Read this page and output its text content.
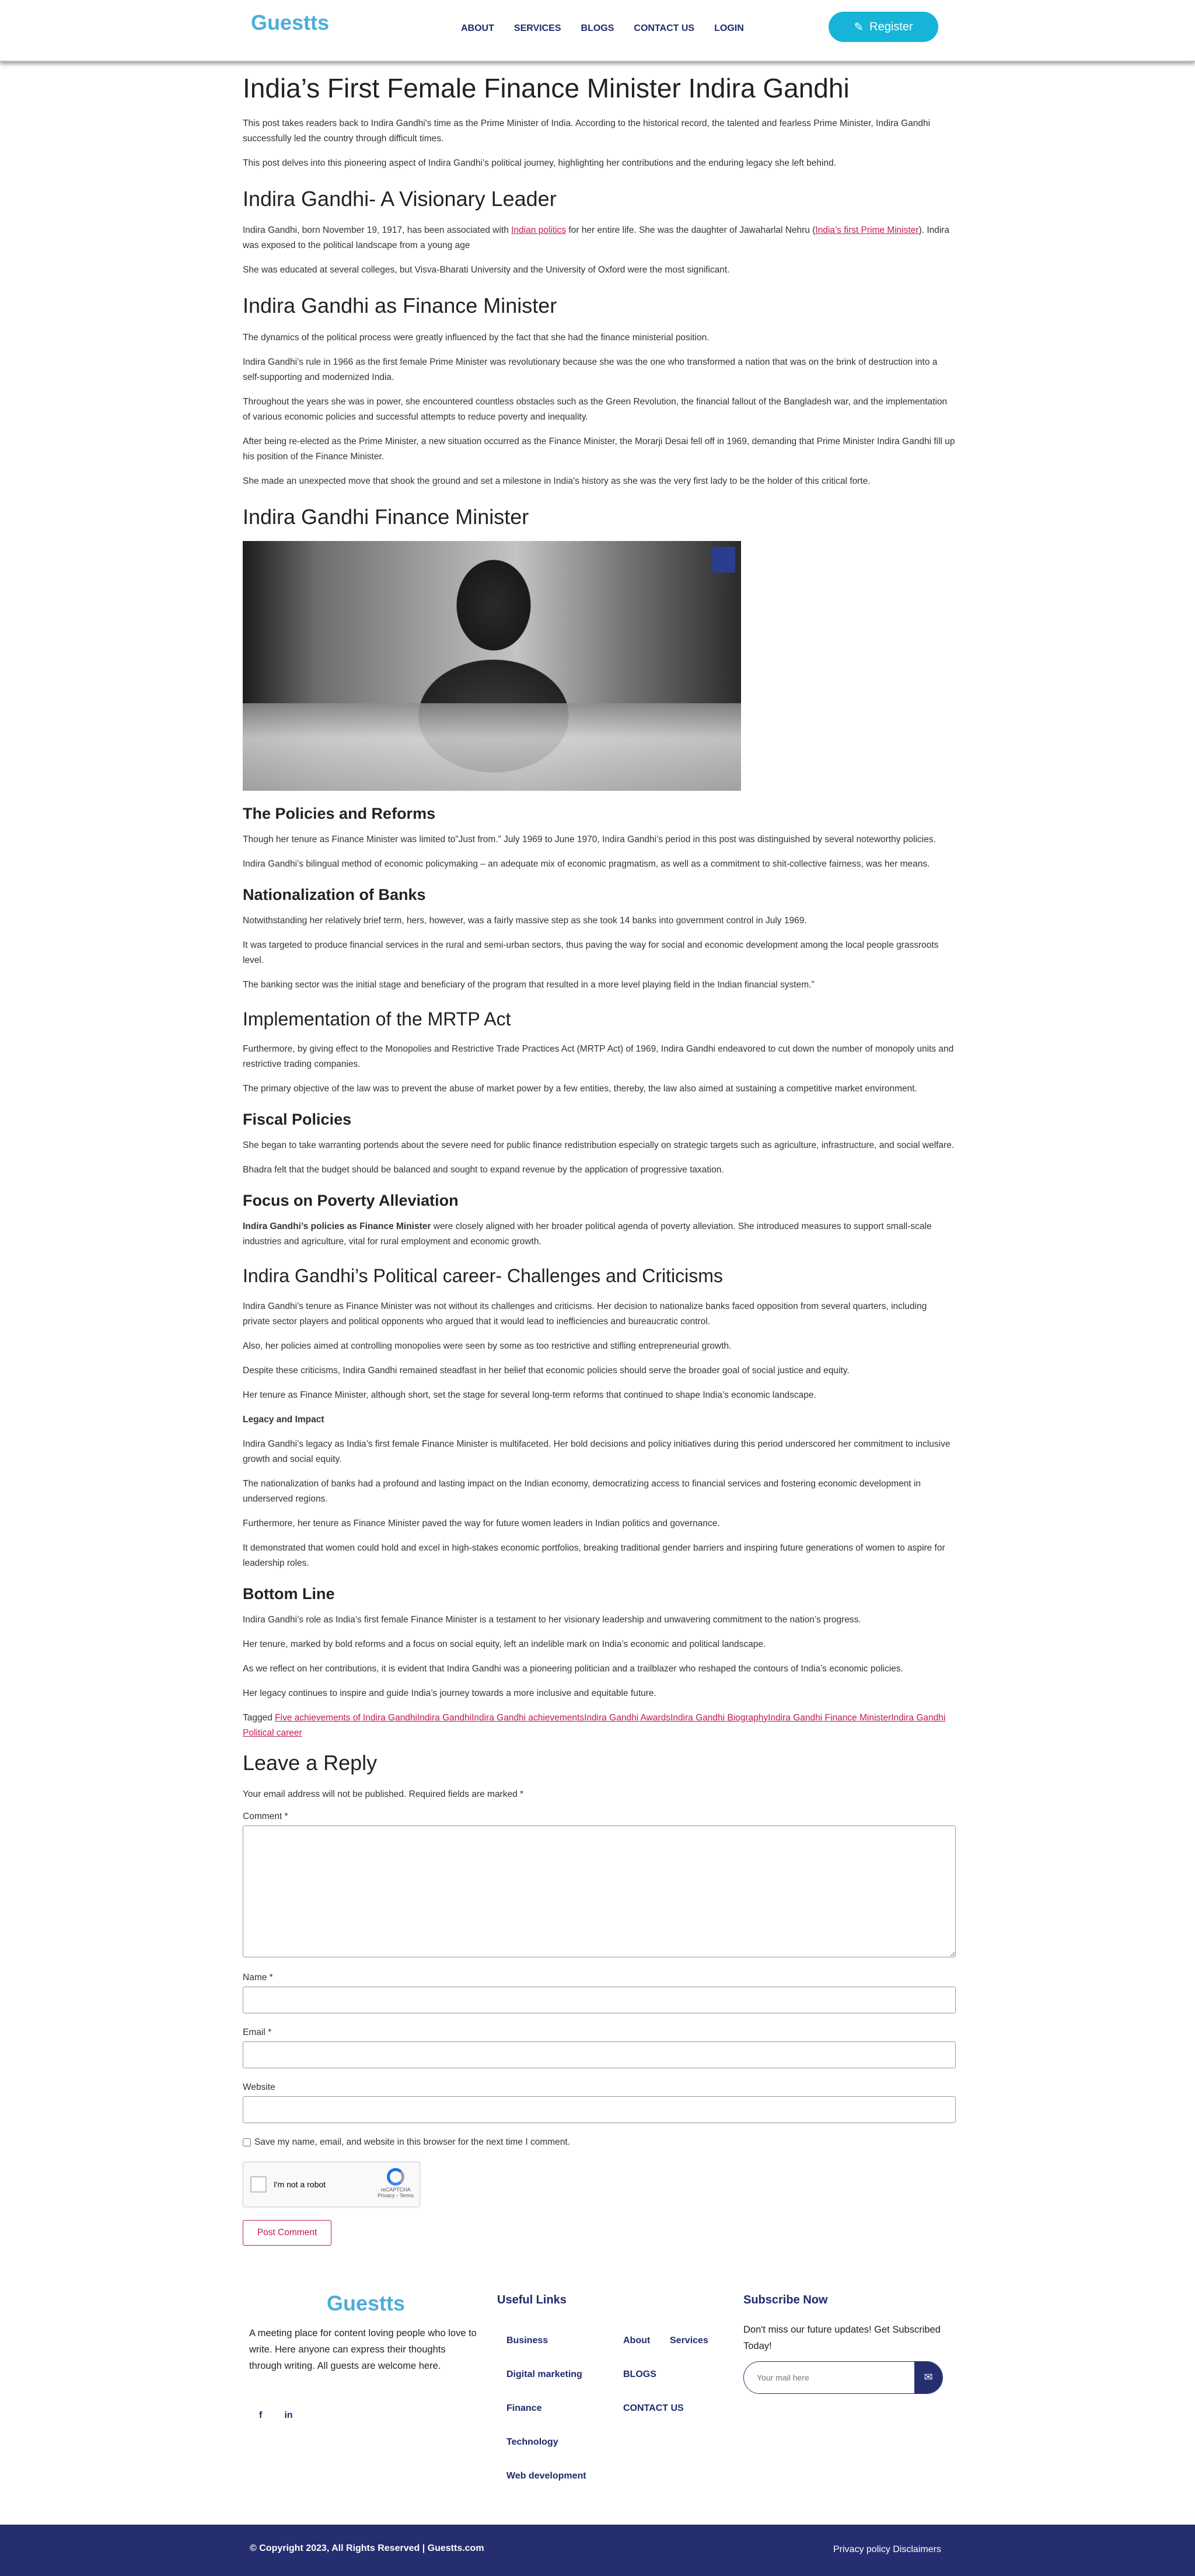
Guestts	ABOUT SERVICES BLOGS CONTACT US LOGIN	✎ Register
India’s First Female Finance Minister Indira Gandhi

This post takes readers back to Indira Gandhi's time as the Prime Minister of India. According to the historical record, the talented and fearless Prime Minister, Indira Gandhi successfully led the country through difficult times.

This post delves into this pioneering aspect of Indira Gandhi’s political journey, highlighting her contributions and the enduring legacy she left behind.

Indira Gandhi- A Visionary Leader

Indira Gandhi, born November 19, 1917, has been associated with Indian politics for her entire life. She was the daughter of Jawaharlal Nehru (India’s first Prime Minister). Indira was exposed to the political landscape from a young age

She was educated at several colleges, but Visva-Bharati University and the University of Oxford were the most significant.

Indira Gandhi as Finance Minister

The dynamics of the political process were greatly influenced by the fact that she had the finance ministerial position.

Indira Gandhi’s rule in 1966 as the first female Prime Minister was revolutionary because she was the one who transformed a nation that was on the brink of destruction into a self-supporting and modernized India.

Throughout the years she was in power, she encountered countless obstacles such as the Green Revolution, the financial fallout of the Bangladesh war, and the implementation of various economic policies and successful attempts to reduce poverty and inequality.

After being re-elected as the Prime Minister, a new situation occurred as the Finance Minister, the Morarji Desai fell off in 1969, demanding that Prime Minister Indira Gandhi fill up his position of the Finance Minister.

She made an unexpected move that shook the ground and set a milestone in India's history as she was the very first lady to be the holder of this critical forte.

Indira Gandhi Finance Minister
The Policies and Reforms

Though her tenure as Finance Minister was limited to”Just from.” July 1969 to June 1970, Indira Gandhi’s period in this post was distinguished by several noteworthy policies.

Indira Gandhi’s bilingual method of economic policymaking – an adequate mix of economic pragmatism, as well as a commitment to shit-collective fairness, was her means.

Nationalization of Banks

Notwithstanding her relatively brief term, hers, however, was a fairly massive step as she took 14 banks into government control in July 1969.

It was targeted to produce financial services in the rural and semi-urban sectors, thus paving the way for social and economic development among the local people grassroots level.

The banking sector was the initial stage and beneficiary of the program that resulted in a more level playing field in the Indian financial system.”

Implementation of the MRTP Act

Furthermore, by giving effect to the Monopolies and Restrictive Trade Practices Act (MRTP Act) of 1969, Indira Gandhi endeavored to cut down the number of monopoly units and restrictive trading companies.

The primary objective of the law was to prevent the abuse of market power by a few entities, thereby, the law also aimed at sustaining a competitive market environment.

Fiscal Policies

She began to take warranting portends about the severe need for public finance redistribution especially on strategic targets such as agriculture, infrastructure, and social welfare.

Bhadra felt that the budget should be balanced and sought to expand revenue by the application of progressive taxation.

Focus on Poverty Alleviation

Indira Gandhi’s policies as Finance Minister were closely aligned with her broader political agenda of poverty alleviation. She introduced measures to support small-scale industries and agriculture, vital for rural employment and economic growth.

Indira Gandhi’s Political career- Challenges and Criticisms

Indira Gandhi’s tenure as Finance Minister was not without its challenges and criticisms. Her decision to nationalize banks faced opposition from several quarters, including private sector players and political opponents who argued that it would lead to inefficiencies and bureaucratic control.

Also, her policies aimed at controlling monopolies were seen by some as too restrictive and stifling entrepreneurial growth.

Despite these criticisms, Indira Gandhi remained steadfast in her belief that economic policies should serve the broader goal of social justice and equity.

Her tenure as Finance Minister, although short, set the stage for several long-term reforms that continued to shape India’s economic landscape.

Legacy and Impact

Indira Gandhi’s legacy as India’s first female Finance Minister is multifaceted. Her bold decisions and policy initiatives during this period underscored her commitment to inclusive growth and social equity.

The nationalization of banks had a profound and lasting impact on the Indian economy, democratizing access to financial services and fostering economic development in underserved regions.

Furthermore, her tenure as Finance Minister paved the way for future women leaders in Indian politics and governance.

It demonstrated that women could hold and excel in high-stakes economic portfolios, breaking traditional gender barriers and inspiring future generations of women to aspire for leadership roles.

Bottom Line

Indira Gandhi’s role as India’s first female Finance Minister is a testament to her visionary leadership and unwavering commitment to the nation’s progress.

Her tenure, marked by bold reforms and a focus on social equity, left an indelible mark on India’s economic and political landscape.

As we reflect on her contributions, it is evident that Indira Gandhi was a pioneering politician and a trailblazer who reshaped the contours of India’s economic policies.

Her legacy continues to inspire and guide India’s journey towards a more inclusive and equitable future.

Tagged Five achievements of Indira GandhiIndira GandhiIndira Gandhi achievementsIndira Gandhi AwardsIndira Gandhi BiographyIndira Gandhi Finance MinisterIndira Gandhi Political career
Leave a Reply

Your email address will not be published. Required fields are marked *

Comment *
Name *
Email *
Website
Save my name, email, and website in this browser for the next time I comment.
I'm not a robot
reCAPTCHA
Privacy - Terms
Post Comment
Guestts
A meeting place for content loving people who love to write. Here anyone can express their thoughts through writing. All guests are welcome here.
f in
Useful Links
Business
Digital marketing
Finance
Technology
Web development
About
BLOGS
CONTACT US
Services
Subscribe Now
Don't miss our future updates! Get Subscribed Today!
Your mail here
✉
© Copyright 2023, All Rights Reserved | Guestts.com	Privacy policy Disclaimers
